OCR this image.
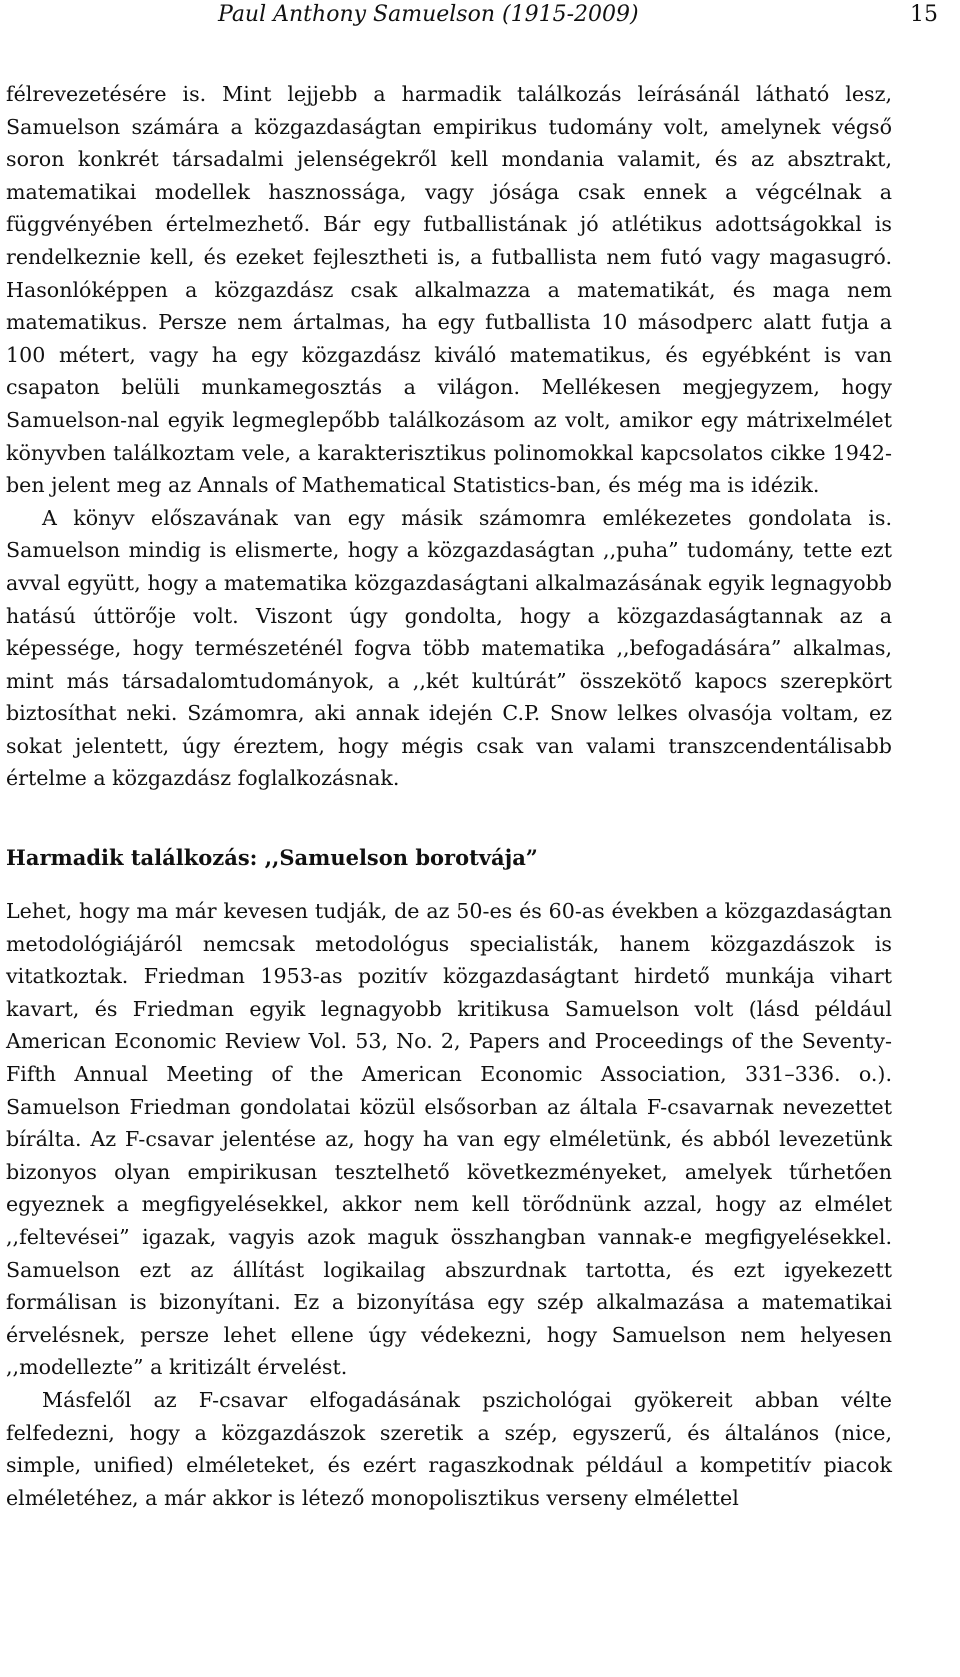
Paul Anthony Samuelson (1915-2009)	15

félrevezetésére is. Mint lejjebb a harmadik találkozás leírásánál látható lesz, Samuelson számára a közgazdaságtan empirikus tudomány volt, amelynek végső soron konkrét társadalmi jelenségekről kell mondania valamit, és az absztrakt, matematikai modellek hasznossága, vagy jósága csak ennek a végcélnak a függvényében értelmezhető. Bár egy futballistának jó atlétikus adottságokkal is rendelkeznie kell, és ezeket fejlesztheti is, a futballista nem futó vagy magasugró. Hasonlóképpen a közgazdász csak alkalmazza a matematikát, és maga nem matematikus. Persze nem ártalmas, ha egy futballista 10 másodperc alatt futja a 100 métert, vagy ha egy közgazdász kiváló matematikus, és egyébként is van csapaton belüli munkamegosztás a világon. Mellékesen megjegyzem, hogy Samuelson-nal egyik legmeglepőbb találkozásom az volt, amikor egy mátrixelmélet könyvben találkoztam vele, a karakterisztikus polinomokkal kapcsolatos cikke 1942-ben jelent meg az Annals of Mathematical Statistics-ban, és még ma is idézik.

A könyv előszavának van egy másik számomra emlékezetes gondolata is. Samuelson mindig is elismerte, hogy a közgazdaságtan ,,puha” tudomány, tette ezt avval együtt, hogy a matematika közgazdaságtani alkalmazásának egyik legnagyobb hatású úttörője volt. Viszont úgy gondolta, hogy a közgazdaságtannak az a képessége, hogy természeténél fogva több matematika ,,befogadására” alkalmas, mint más társadalomtudományok, a ,,két kultúrát” összekötő kapocs szerepkört biztosíthat neki. Számomra, aki annak idején C.P. Snow lelkes olvasója voltam, ez sokat jelentett, úgy éreztem, hogy mégis csak van valami transzcendentálisabb értelme a közgazdász foglalkozásnak.

Harmadik találkozás: ,,Samuelson borotvája”

Lehet, hogy ma már kevesen tudják, de az 50-es és 60-as években a közgazdaságtan metodológiájáról nemcsak metodológus specialisták, hanem közgazdászok is vitatkoztak. Friedman 1953-as pozitív közgazdaságtant hirdető munkája vihart kavart, és Friedman egyik legnagyobb kritikusa Samuelson volt (lásd például American Economic Review Vol. 53, No. 2, Papers and Proceedings of the Seventy-Fifth Annual Meeting of the American Economic Association, 331–336. o.). Samuelson Friedman gondolatai közül elsősorban az általa F-csavarnak nevezettet bírálta. Az F-csavar jelentése az, hogy ha van egy elméletünk, és abból levezetünk bizonyos olyan empirikusan tesztelhető következményeket, amelyek tűrhetően egyeznek a megfigyelésekkel, akkor nem kell törődnünk azzal, hogy az elmélet ,,feltevései” igazak, vagyis azok maguk összhangban vannak-e megfigyelésekkel. Samuelson ezt az állítást logikailag abszurdnak tartotta, és ezt igyekezett formálisan is bizonyítani. Ez a bizonyítása egy szép alkalmazása a matematikai érvelésnek, persze lehet ellene úgy védekezni, hogy Samuelson nem helyesen ,,modellezte” a kritizált érvelést.

Másfelől az F-csavar elfogadásának pszichológai gyökereit abban vélte felfedezni, hogy a közgazdászok szeretik a szép, egyszerű, és általános (nice, simple, unified) elméleteket, és ezért ragaszkodnak például a kompetitív piacok elméletéhez, a már akkor is létező monopolisztikus verseny elmélettel
